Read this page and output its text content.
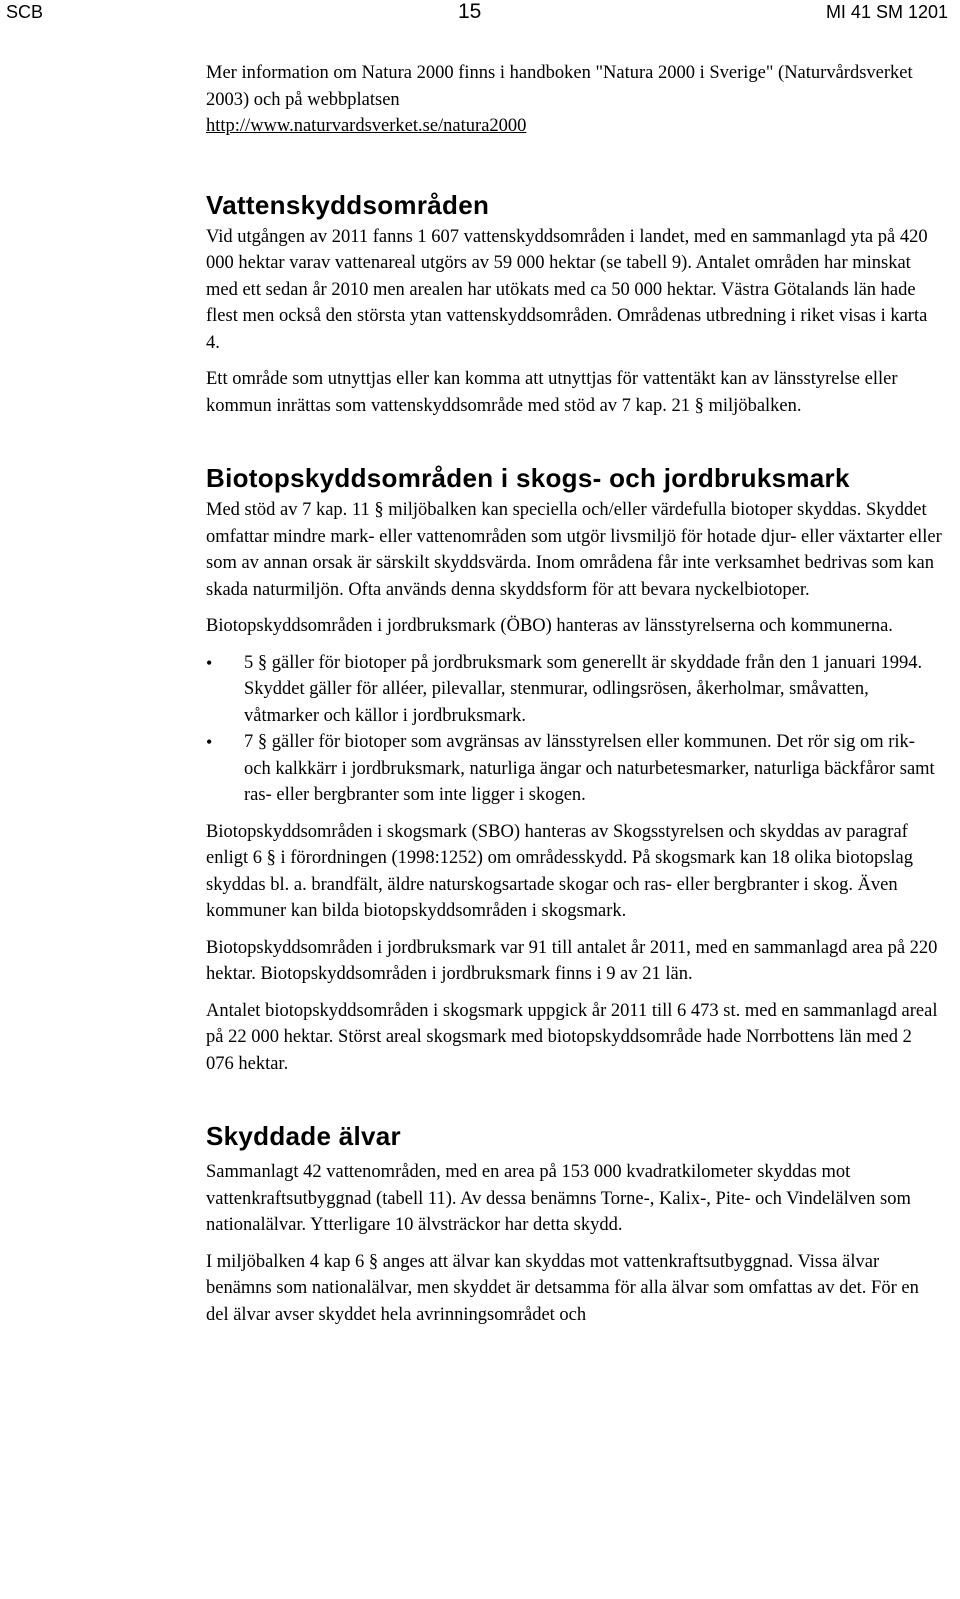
SCB	15	MI 41 SM 1201

Mer information om Natura 2000 finns i handboken "Natura 2000 i Sverige" (Naturvårdsverket 2003) och på webbplatsen
http://www.naturvardsverket.se/natura2000

Vattenskyddsområden

Vid utgången av 2011 fanns 1 607 vattenskyddsområden i landet, med en sammanlagd yta på 420 000 hektar varav vattenareal utgörs av 59 000 hektar (se tabell 9). Antalet områden har minskat med ett sedan år 2010 men arealen har utökats med ca 50 000 hektar. Västra Götalands län hade flest men också den största ytan vattenskyddsområden. Områdenas utbredning i riket visas i karta 4.

Ett område som utnyttjas eller kan komma att utnyttjas för vattentäkt kan av länsstyrelse eller kommun inrättas som vattenskyddsområde med stöd av 7 kap. 21 § miljöbalken.

Biotopskyddsområden i skogs- och jordbruksmark

Med stöd av 7 kap. 11 § miljöbalken kan speciella och/eller värdefulla biotoper skyddas. Skyddet omfattar mindre mark- eller vattenområden som utgör livsmiljö för hotade djur- eller växtarter eller som av annan orsak är särskilt skyddsvärda. Inom områdena får inte verksamhet bedrivas som kan skada naturmiljön. Ofta används denna skyddsform för att bevara nyckelbiotoper.

Biotopskyddsområden i jordbruksmark (ÖBO) hanteras av länsstyrelserna och kommunerna.

• 5 § gäller för biotoper på jordbruksmark som generellt är skyddade från den 1 januari 1994. Skyddet gäller för alléer, pilevallar, stenmurar, odlingsrösen, åkerholmar, småvatten, våtmarker och källor i jordbruksmark.
• 7 § gäller för biotoper som avgränsas av länsstyrelsen eller kommunen. Det rör sig om rik- och kalkkärr i jordbruksmark, naturliga ängar och naturbetesmarker, naturliga bäckfåror samt ras- eller bergbranter som inte ligger i skogen.

Biotopskyddsområden i skogsmark (SBO) hanteras av Skogsstyrelsen och skyddas av paragraf enligt 6 § i förordningen (1998:1252) om områdesskydd. På skogsmark kan 18 olika biotopslag skyddas bl. a. brandfält, äldre naturskogsartade skogar och ras- eller bergbranter i skog. Även kommuner kan bilda biotopskyddsområden i skogsmark.

Biotopskyddsområden i jordbruksmark var 91 till antalet år 2011, med en sammanlagd area på 220 hektar. Biotopskyddsområden i jordbruksmark finns i 9 av 21 län.

Antalet biotopskyddsområden i skogsmark uppgick år 2011 till 6 473 st. med en sammanlagd areal på 22 000 hektar. Störst areal skogsmark med biotopskyddsområde hade Norrbottens län med 2 076 hektar.

Skyddade älvar

Sammanlagt 42 vattenområden, med en area på 153 000 kvadratkilometer skyddas mot vattenkraftsutbyggnad (tabell 11). Av dessa benämns Torne-, Kalix-, Pite- och Vindelälven som nationalälvar. Ytterligare 10 älvsträckor har detta skydd.

I miljöbalken 4 kap 6 § anges att älvar kan skyddas mot vattenkraftsutbyggnad. Vissa älvar benämns som nationalälvar, men skyddet är detsamma för alla älvar som omfattas av det. För en del älvar avser skyddet hela avrinningsområdet och
